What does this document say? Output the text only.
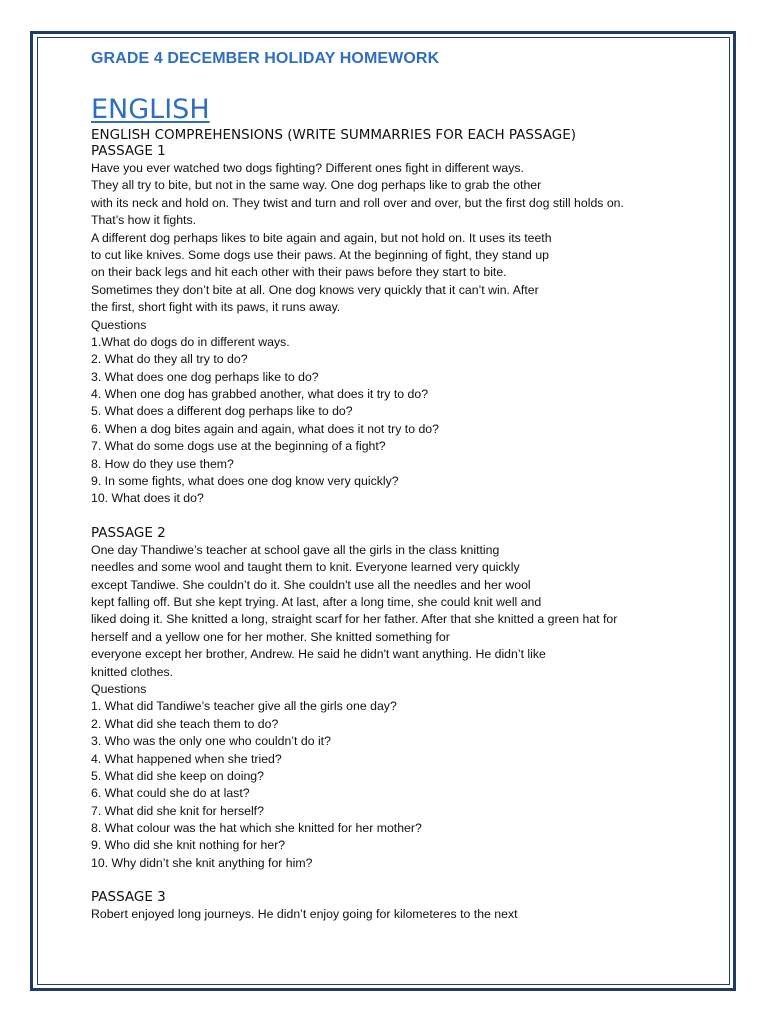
GRADE 4 DECEMBER HOLIDAY HOMEWORK
ENGLISH
ENGLISH COMPREHENSIONS (WRITE SUMMARRIES FOR EACH PASSAGE)
PASSAGE 1
Have you ever watched two dogs fighting? Different ones fight in different ways.
They all try to bite, but not in the same way. One dog perhaps like to grab the other
with its neck and hold on. They twist and turn and roll over and over, but the first dog still holds on.
That’s how it fights.
A different dog perhaps likes to bite again and again, but not hold on. It uses its teeth
to cut like knives. Some dogs use their paws. At the beginning of fight, they stand up
on their back legs and hit each other with their paws before they start to bite.
Sometimes they don’t bite at all. One dog knows very quickly that it can’t win. After
the first, short fight with its paws, it runs away.
Questions
1.What do dogs do in different ways.
2. What do they all try to do?
3. What does one dog perhaps like to do?
4. When one dog has grabbed another, what does it try to do?
5. What does a different dog perhaps like to do?
6. When a dog bites again and again, what does it not try to do?
7. What do some dogs use at the beginning of a fight?
8. How do they use them?
9. In some fights, what does one dog know very quickly?
10. What does it do?
PASSAGE 2
One day Thandiwe’s teacher at school gave all the girls in the class knitting
needles and some wool and taught them to knit. Everyone learned very quickly
except Tandiwe. She couldn’t do it. She couldn't use all the needles and her wool
kept falling off. But she kept trying. At last, after a long time, she could knit well and
liked doing it. She knitted a long, straight scarf for her father. After that she knitted a green hat for
herself and a yellow one for her mother. She knitted something for
everyone except her brother, Andrew. He said he didn't want anything. He didn’t like
knitted clothes.
Questions
1. What did Tandiwe’s teacher give all the girls one day?
2. What did she teach them to do?
3. Who was the only one who couldn’t do it?
4. What happened when she tried?
5. What did she keep on doing?
6. What could she do at last?
7. What did she knit for herself?
8. What colour was the hat which she knitted for her mother?
9. Who did she knit nothing for her?
10. Why didn’t she knit anything for him?
PASSAGE 3
Robert enjoyed long journeys. He didn’t enjoy going for kilometeres to the next
